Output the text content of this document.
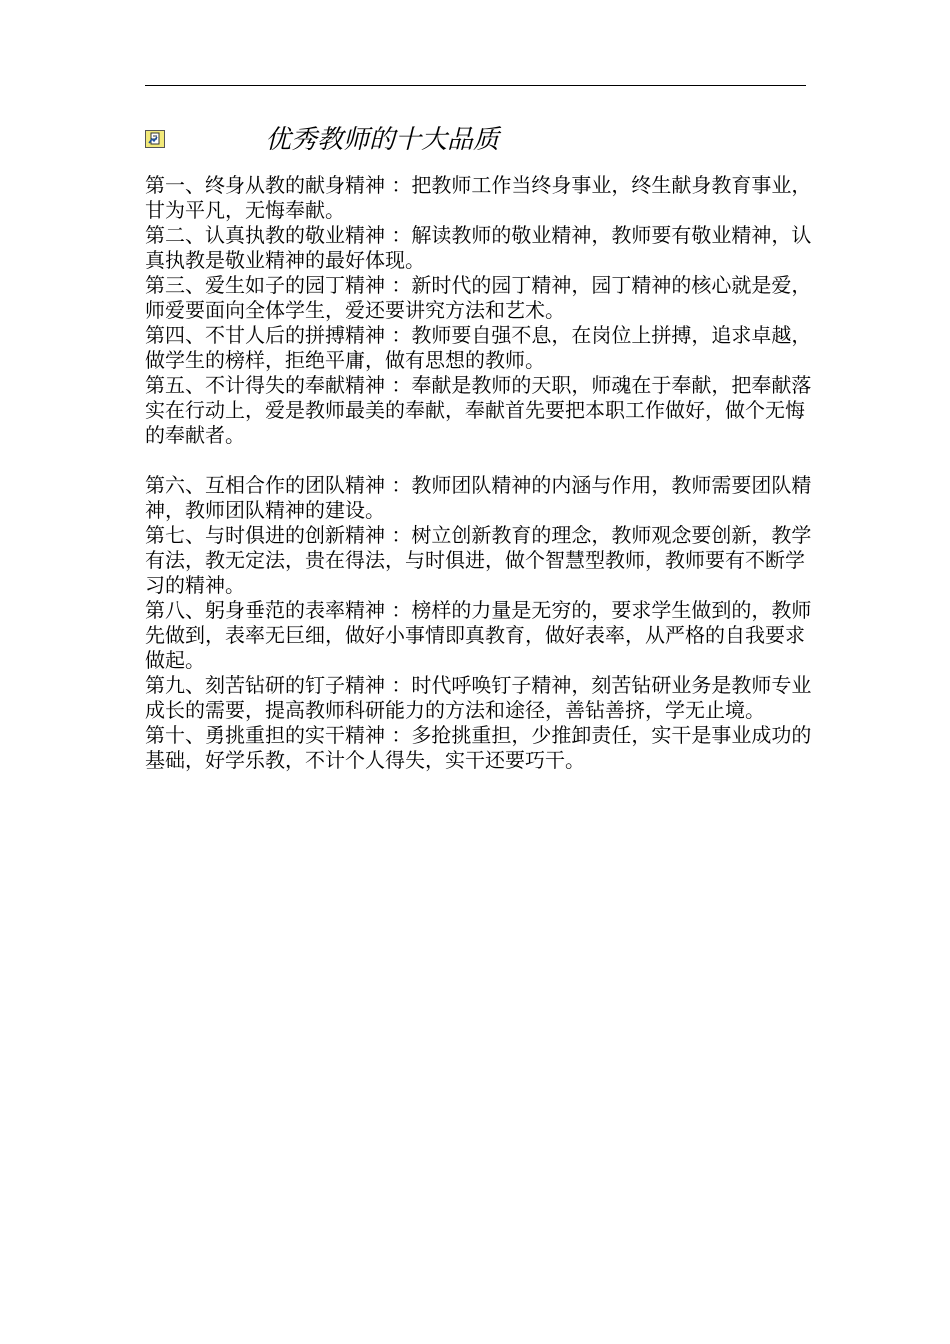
优秀教师的十大品质

第一、终身从教的献身精神 ：把教师工作当终身事业，终生献身教育事业，甘为平凡，无悔奉献。

第二、认真执教的敬业精神 ：解读教师的敬业精神，教师要有敬业精神，认真执教是敬业精神的最好体现。

第三、爱生如子的园丁精神 ：新时代的园丁精神，园丁精神的核心就是爱，师爱要面向全体学生，爱还要讲究方法和艺术。

第四、不甘人后的拼搏精神 ：教师要自强不息，在岗位上拼搏，追求卓越，做学生的榜样，拒绝平庸，做有思想的教师。

第五、不计得失的奉献精神 ：奉献是教师的天职，师魂在于奉献，把奉献落实在行动上，爱是教师最美的奉献，奉献首先要把本职工作做好，做个无悔的奉献者。

第六、互相合作的团队精神 ：教师团队精神的内涵与作用，教师需要团队精神，教师团队精神的建设。

第七、与时俱进的创新精神 ：树立创新教育的理念，教师观念要创新，教学有法，教无定法，贵在得法，与时俱进，做个智慧型教师，教师要有不断学习的精神。

第八、躬身垂范的表率精神 ：榜样的力量是无穷的，要求学生做到的，教师先做到，表率无巨细，做好小事情即真教育，做好表率，从严格的自我要求做起。

第九、刻苦钻研的钉子精神 ：时代呼唤钉子精神，刻苦钻研业务是教师专业成长的需要，提高教师科研能力的方法和途径，善钻善挤，学无止境。

第十、勇挑重担的实干精神 ：多抢挑重担，少推卸责任，实干是事业成功的基础，好学乐教，不计个人得失，实干还要巧干。
